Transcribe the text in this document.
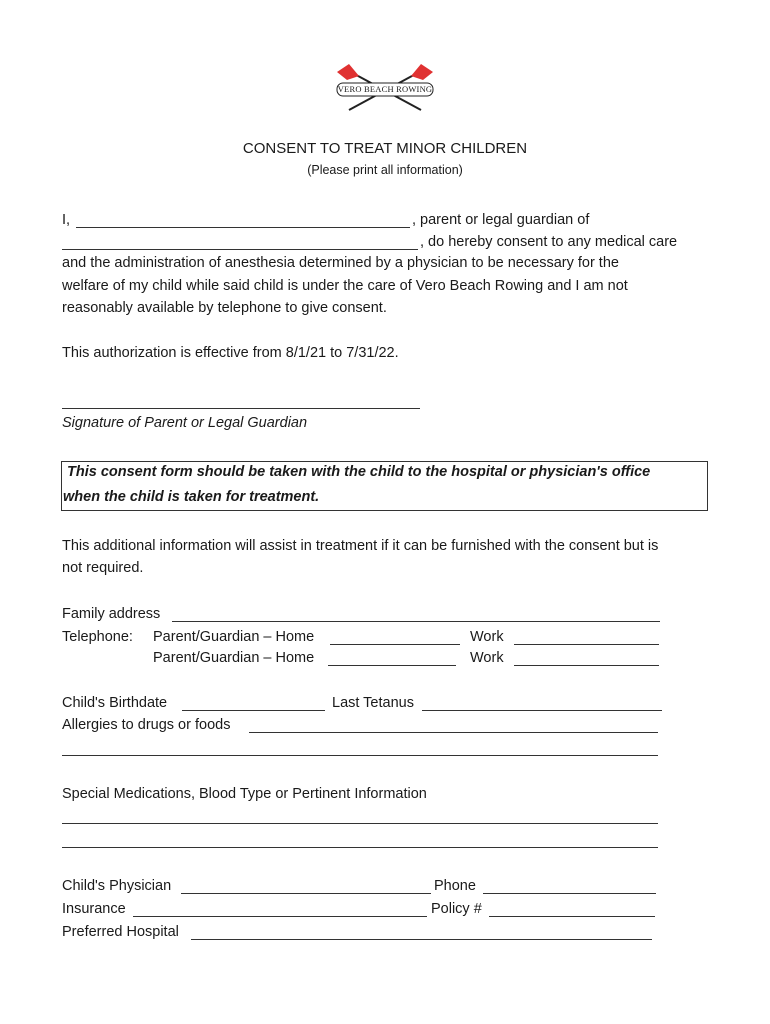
VERO BEACH ROWING
CONSENT TO TREAT MINOR CHILDREN
(Please print all information)
I,	, parent or legal guardian of
, do hereby consent to any medical care
and the administration of anesthesia determined by a physician to be necessary for the
welfare of my child while said child is under the care of Vero Beach Rowing and I am not
reasonably available by telephone to give consent.
This authorization is effective from 8/1/21 to 7/31/22.
Signature of Parent or Legal Guardian
This consent form should be taken with the child to the hospital or physician's office
when the child is taken for treatment.
This additional information will assist in treatment if it can be furnished with the consent but is
not required.
Family address
Telephone: Parent/Guardian – Home	Work
Parent/Guardian – Home	Work
Child's Birthdate	Last Tetanus
Allergies to drugs or foods
Special Medications, Blood Type or Pertinent Information
Child's Physician	Phone
Insurance	Policy #
Preferred Hospital
